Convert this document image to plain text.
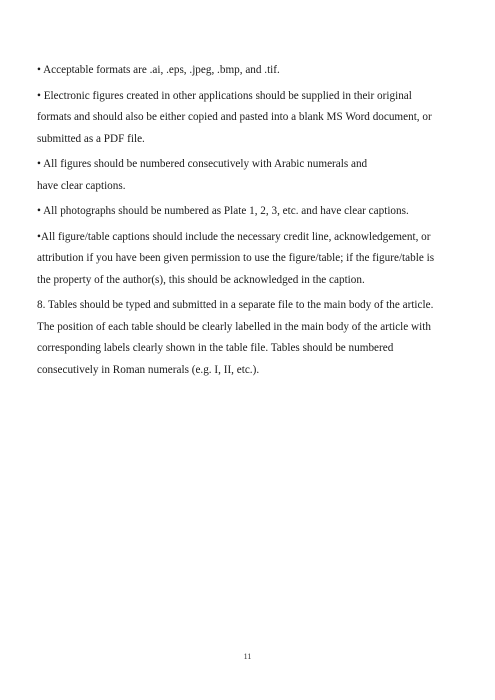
• Acceptable formats are .ai, .eps, .jpeg, .bmp, and .tif.
• Electronic figures created in other applications should be supplied in their original
formats and should also be either copied and pasted into a blank MS Word document, or
submitted as a PDF file.
• All figures should be numbered consecutively with Arabic numerals and
have clear captions.
• All photographs should be numbered as Plate 1, 2, 3, etc. and have clear captions.
•All figure/table captions should include the necessary credit line, acknowledgement, or
attribution if you have been given permission to use the figure/table; if the figure/table is
the property of the author(s), this should be acknowledged in the caption.
8. Tables should be typed and submitted in a separate file to the main body of the article.
The position of each table should be clearly labelled in the main body of the article with
corresponding labels clearly shown in the table file. Tables should be numbered
consecutively in Roman numerals (e.g. I, II, etc.).
11
